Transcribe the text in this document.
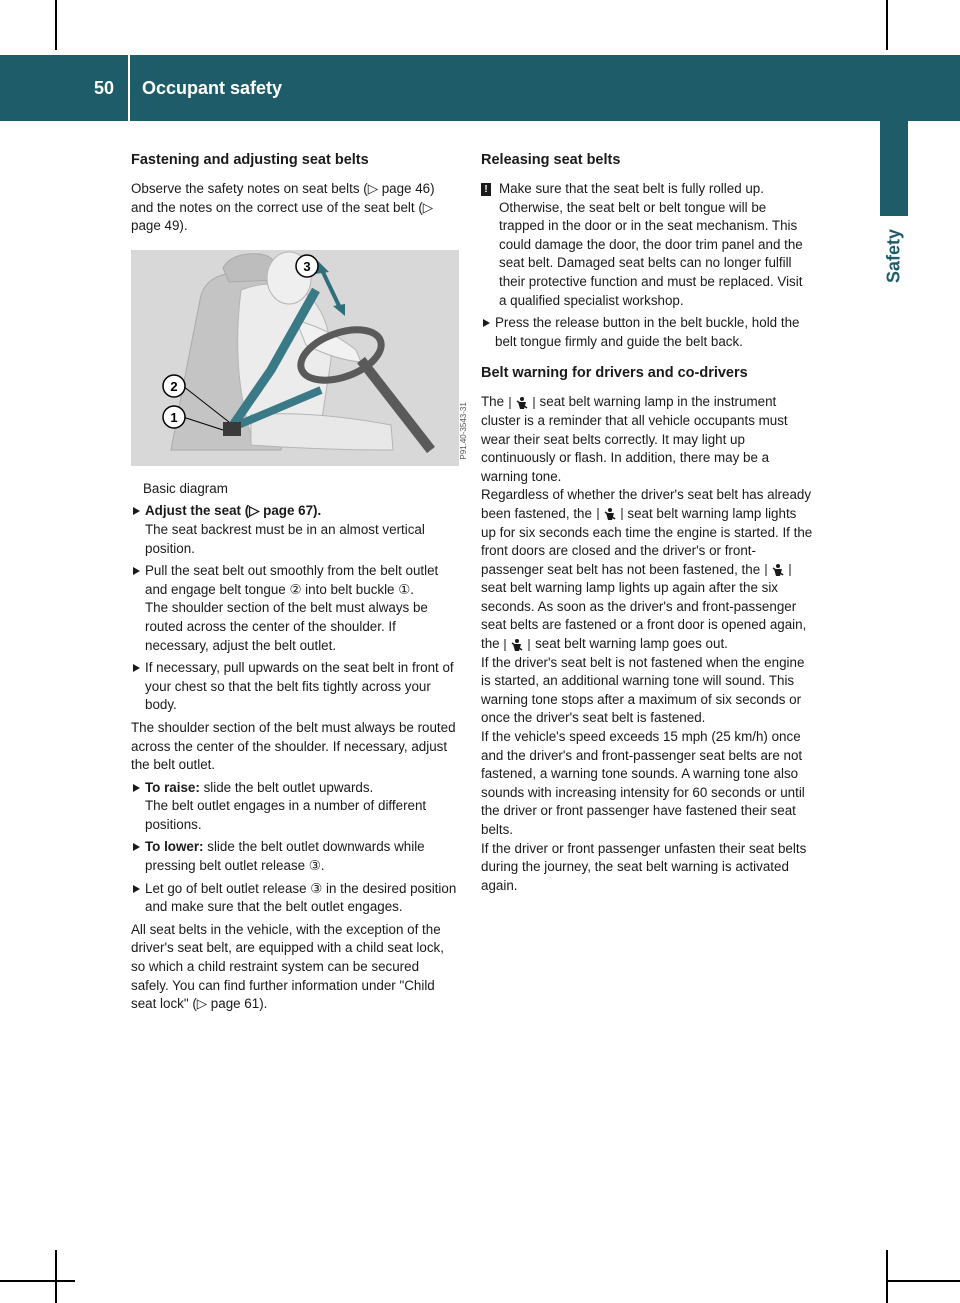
50	Occupant safety
Safety
Fastening and adjusting seat belts

Observe the safety notes on seat belts (▷ page 46) and the notes on the correct use of the seat belt (▷ page 49).

3
2
1	P91.40-3543-31

Basic diagram

Adjust the seat (▷ page 67).

The seat backrest must be in an almost vertical position.

Pull the seat belt out smoothly from the belt outlet and engage belt tongue ② into belt buckle ①.

The shoulder section of the belt must always be routed across the center of the shoulder. If necessary, adjust the belt outlet.

If necessary, pull upwards on the seat belt in front of your chest so that the belt fits tightly across your body.

The shoulder section of the belt must always be routed across the center of the shoulder. If necessary, adjust the belt outlet.

To raise: slide the belt outlet upwards.

The belt outlet engages in a number of different positions.

To lower: slide the belt outlet downwards while pressing belt outlet release ③.

Let go of belt outlet release ③ in the desired position and make sure that the belt outlet engages.

All seat belts in the vehicle, with the exception of the driver's seat belt, are equipped with a child seat lock, so which a child restraint system can be secured safely. You can find further information under "Child seat lock" (▷ page 61).

Releasing seat belts
! Make sure that the seat belt is fully rolled up. Otherwise, the seat belt or belt tongue will be trapped in the door or in the seat mechanism. This could damage the door, the door trim panel and the seat belt. Damaged seat belts can no longer fulfill their protective function and must be replaced. Visit a qualified specialist workshop.

Press the release button in the belt buckle, hold the belt tongue firmly and guide the belt back.

Belt warning for drivers and co-drivers

The	seat belt warning lamp in the instrument cluster is a reminder that all vehicle occupants must wear their seat belts correctly. It may light up continuously or flash. In addition, there may be a warning tone.

Regardless of whether the driver's seat belt has already been fastened, the	seat belt warning lamp lights up for six seconds each time the engine is started. If the front doors are closed and the driver's or front-passenger seat belt has not been fastened, the  seat belt warning lamp lights up again after the six seconds. As soon as the driver's and front-passenger seat belts are fastened or a front door is opened again, the	seat belt warning lamp goes out.

If the driver's seat belt is not fastened when the engine is started, an additional warning tone will sound. This warning tone stops after a maximum of six seconds or once the driver's seat belt is fastened.

If the vehicle's speed exceeds 15 mph (25 km/h) once and the driver's and front-passenger seat belts are not fastened, a warning tone sounds. A warning tone also sounds with increasing intensity for 60 seconds or until the driver or front passenger have fastened their seat belts.

If the driver or front passenger unfasten their seat belts during the journey, the seat belt warning is activated again.
